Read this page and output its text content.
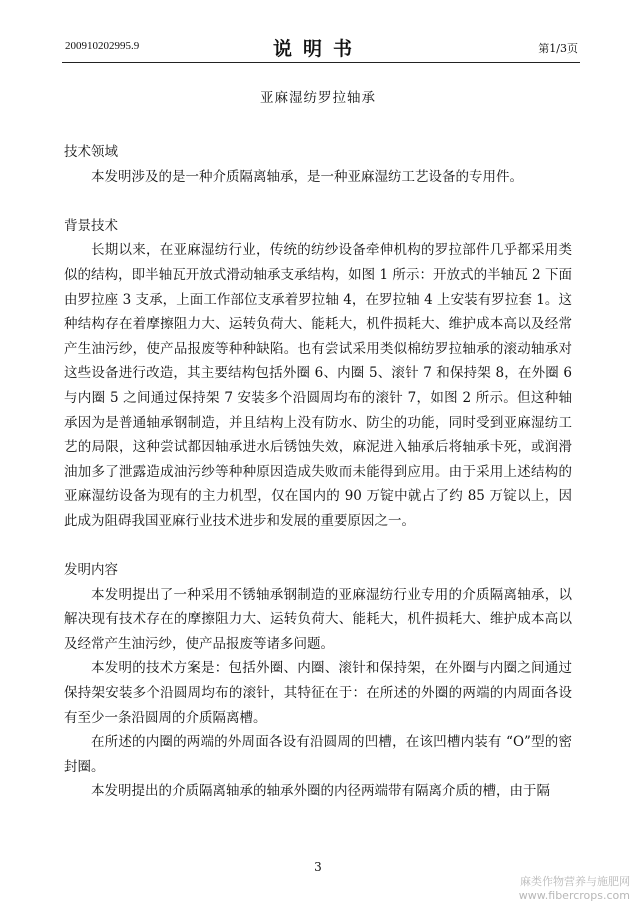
200910202995.9	说明书	第1/3页
亚麻湿纺罗拉轴承
技术领域

本发明涉及的是一种介质隔离轴承，是一种亚麻湿纺工艺设备的专用件。

背景技术

长期以来，在亚麻湿纺行业，传统的纺纱设备牵伸机构的罗拉部件几乎都采用类似的结构，即半轴瓦开放式滑动轴承支承结构，如图 1 所示：开放式的半轴瓦 2 下面由罗拉座 3 支承，上面工作部位支承着罗拉轴 4，在罗拉轴 4 上安装有罗拉套 1。这种结构存在着摩擦阻力大、运转负荷大、能耗大，机件损耗大、维护成本高以及经常产生油污纱，使产品报废等种种缺陷。也有尝试采用类似棉纺罗拉轴承的滚动轴承对这些设备进行改造，其主要结构包括外圈 6、内圈 5、滚针 7 和保持架 8，在外圈 6 与内圈 5 之间通过保持架 7 安装多个沿圆周均布的滚针 7，如图 2 所示。但这种轴承因为是普通轴承钢制造，并且结构上没有防水、防尘的功能，同时受到亚麻湿纺工艺的局限，这种尝试都因轴承进水后锈蚀失效，麻泥进入轴承后将轴承卡死，或润滑油加多了泄露造成油污纱等种种原因造成失败而未能得到应用。由于采用上述结构的亚麻湿纺设备为现有的主力机型，仅在国内的 90 万锭中就占了约 85 万锭以上，因此成为阻碍我国亚麻行业技术进步和发展的重要原因之一。

发明内容

本发明提出了一种采用不锈轴承钢制造的亚麻湿纺行业专用的介质隔离轴承，以解决现有技术存在的摩擦阻力大、运转负荷大、能耗大，机件损耗大、维护成本高以及经常产生油污纱，使产品报废等诸多问题。

本发明的技术方案是：包括外圈、内圈、滚针和保持架，在外圈与内圈之间通过保持架安装多个沿圆周均布的滚针，其特征在于：在所述的外圈的两端的内周面各设有至少一条沿圆周的介质隔离槽。

在所述的内圈的两端的外周面各设有沿圆周的凹槽，在该凹槽内装有 “O”型的密封圈。

本发明提出的介质隔离轴承的轴承外圈的内径两端带有隔离介质的槽，由于隔

3
麻类作物营养与施肥网
www.fibercrops.com
